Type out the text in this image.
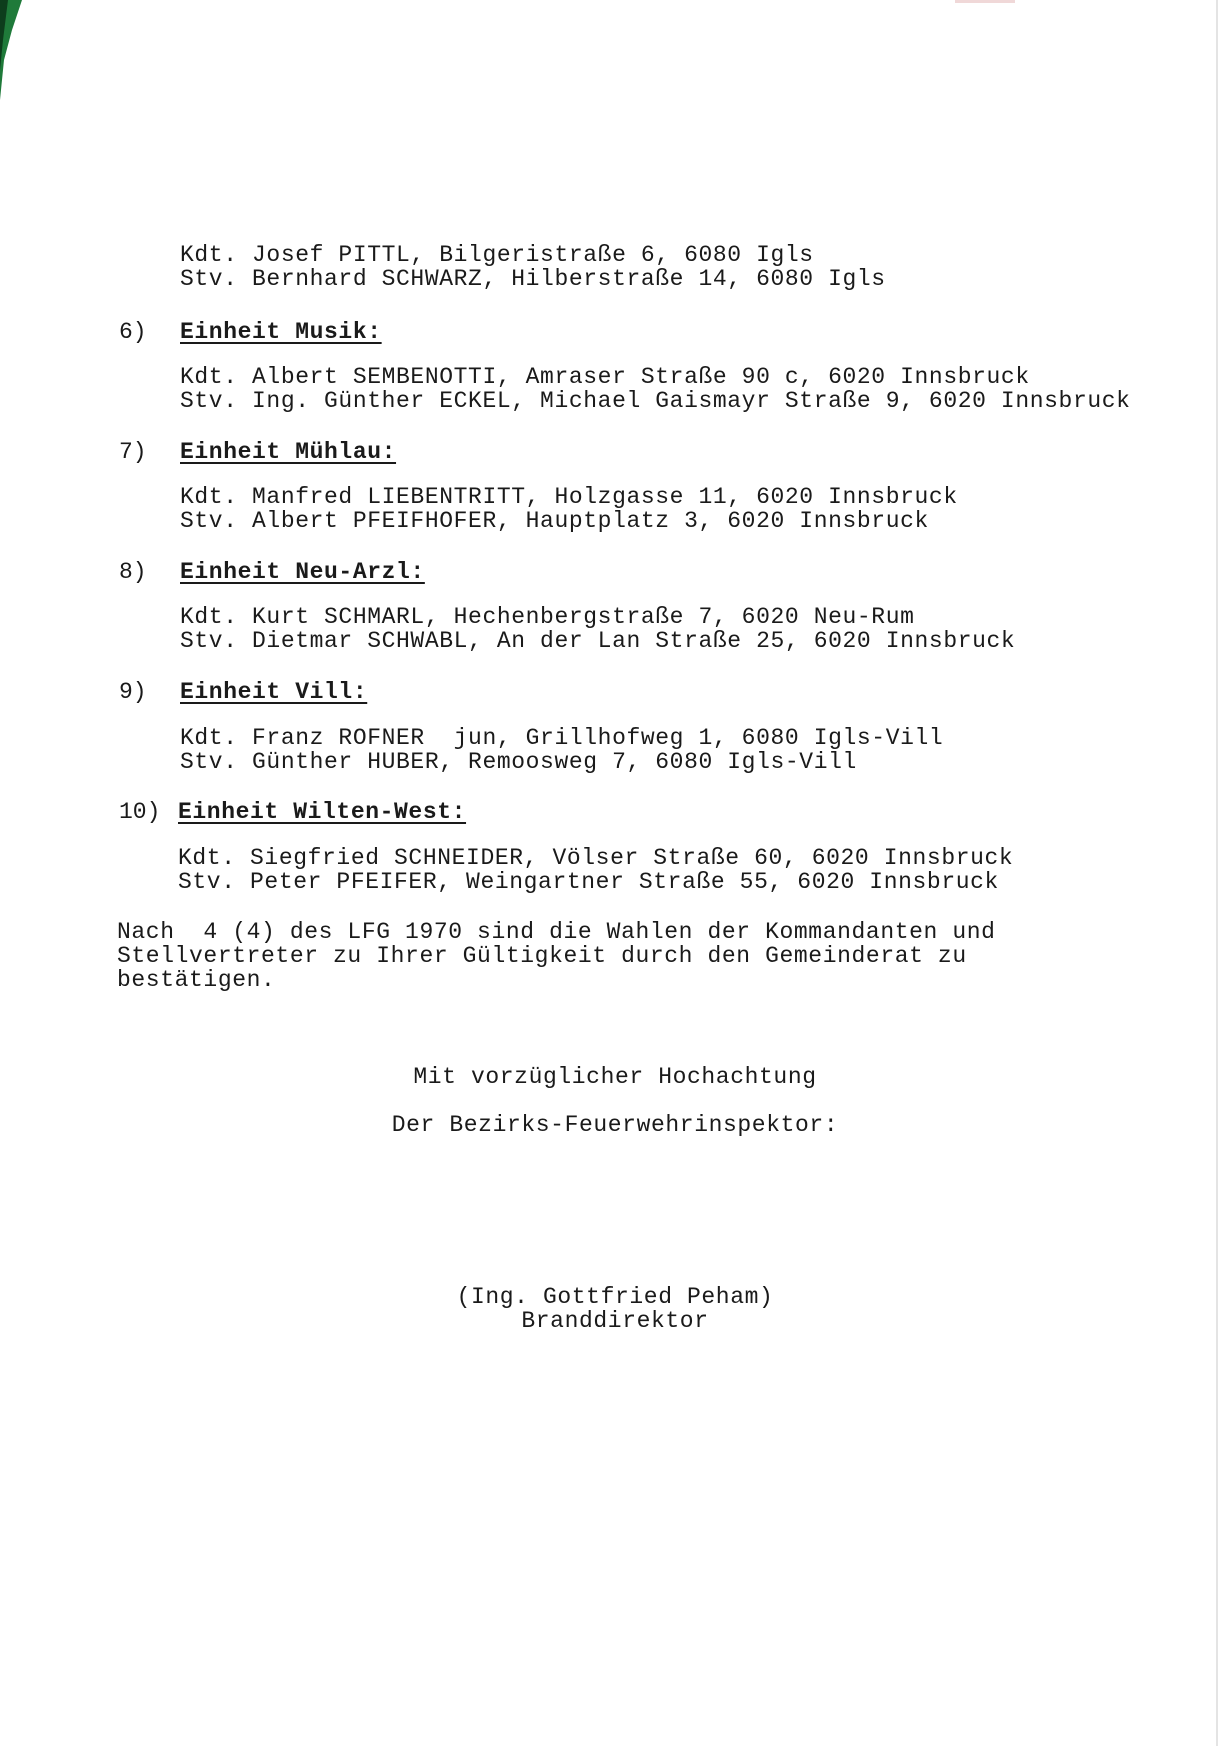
Kdt. Josef PITTL, Bilgeristraße 6, 6080 Igls
Stv. Bernhard SCHWARZ, Hilberstraße 14, 6080 Igls
6) Einheit Musik:
Kdt. Albert SEMBENOTTI, Amraser Straße 90 c, 6020 Innsbruck
Stv. Ing. Günther ECKEL, Michael Gaismayr Straße 9, 6020 Innsbruck
7) Einheit Mühlau:
Kdt. Manfred LIEBENTRITT, Holzgasse 11, 6020 Innsbruck
Stv. Albert PFEIFHOFER, Hauptplatz 3, 6020 Innsbruck
8) Einheit Neu-Arzl:
Kdt. Kurt SCHMARL, Hechenbergstraße 7, 6020 Neu-Rum
Stv. Dietmar SCHWABL, An der Lan Straße 25, 6020 Innsbruck
9) Einheit Vill:
Kdt. Franz ROFNER  jun, Grillhofweg 1, 6080 Igls-Vill
Stv. Günther HUBER, Remoosweg 7, 6080 Igls-Vill
10) Einheit Wilten-West:
Kdt. Siegfried SCHNEIDER, Völser Straße 60, 6020 Innsbruck
Stv. Peter PFEIFER, Weingartner Straße 55, 6020 Innsbruck
Nach  4 (4) des LFG 1970 sind die Wahlen der Kommandanten und
Stellvertreter zu Ihrer Gültigkeit durch den Gemeinderat zu
bestätigen.
Mit vorzüglicher Hochachtung
Der Bezirks-Feuerwehrinspektor:
(Ing. Gottfried Peham)
Branddirektor
